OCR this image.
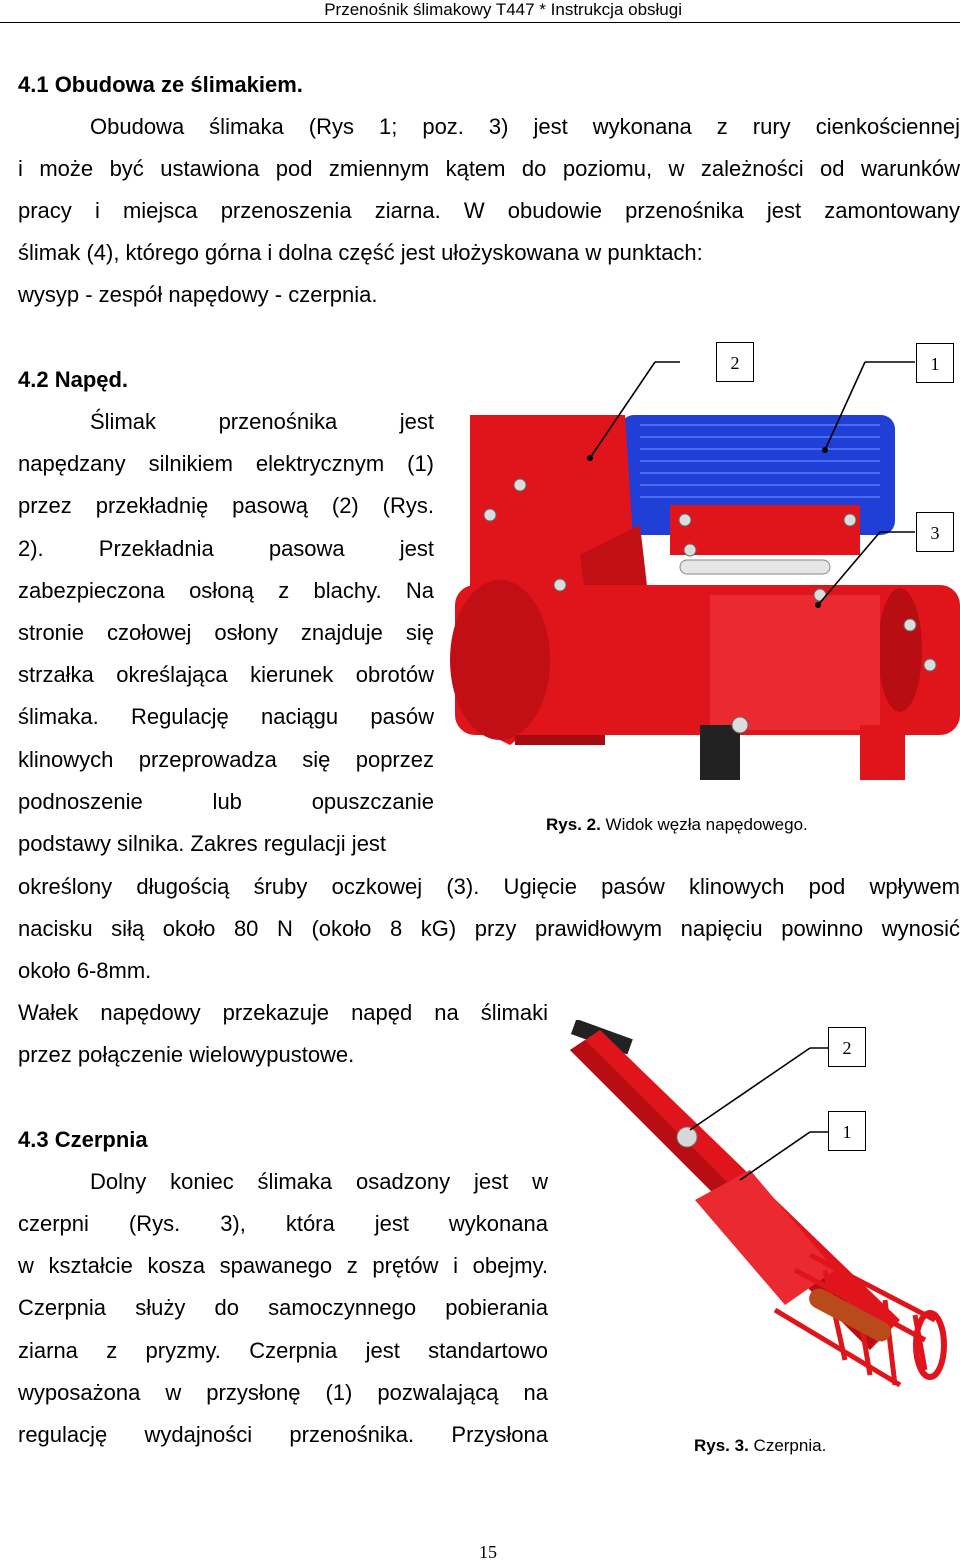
Przenośnik ślimakowy T447 * Instrukcja obsługi
4.1 Obudowa ze ślimakiem.
Obudowa ślimaka (Rys 1; poz. 3) jest wykonana z rury cienkościennej
i może być ustawiona pod zmiennym kątem do poziomu, w zależności od warunków
pracy i miejsca przenoszenia ziarna. W obudowie przenośnika jest zamontowany
ślimak (4), którego górna i dolna część jest ułożyskowana w punktach:
wysyp - zespół napędowy - czerpnia.
4.2 Napęd.
Ślimak przenośnika jest
napędzany silnikiem elektrycznym (1)
przez przekładnię pasową (2) (Rys.
2). Przekładnia pasowa jest
zabezpieczona osłoną z blachy. Na
stronie czołowej osłony znajduje się
strzałka określająca kierunek obrotów
ślimaka. Regulację naciągu pasów
klinowych przeprowadza się poprzez
podnoszenie lub opuszczanie
podstawy silnika. Zakres regulacji jest
określony długością śruby oczkowej (3). Ugięcie pasów klinowych pod wpływem
nacisku siłą około 80 N (około 8 kG) przy prawidłowym napięciu powinno wynosić
około 6-8mm.
Wałek napędowy przekazuje napęd na ślimaki
przez połączenie wielowypustowe.
4.3 Czerpnia
Dolny koniec ślimaka osadzony jest w
czerpni (Rys. 3), która jest wykonana
w kształcie kosza spawanego z prętów i obejmy.
Czerpnia służy do samoczynnego pobierania
ziarna z pryzmy. Czerpnia jest standartowo
wyposażona w przysłonę (1) pozwalającą na
regulację wydajności przenośnika. Przysłona
2	1
3
Rys. 2. Widok węzła napędowego.
2
1
Rys. 3. Czerpnia.
15
